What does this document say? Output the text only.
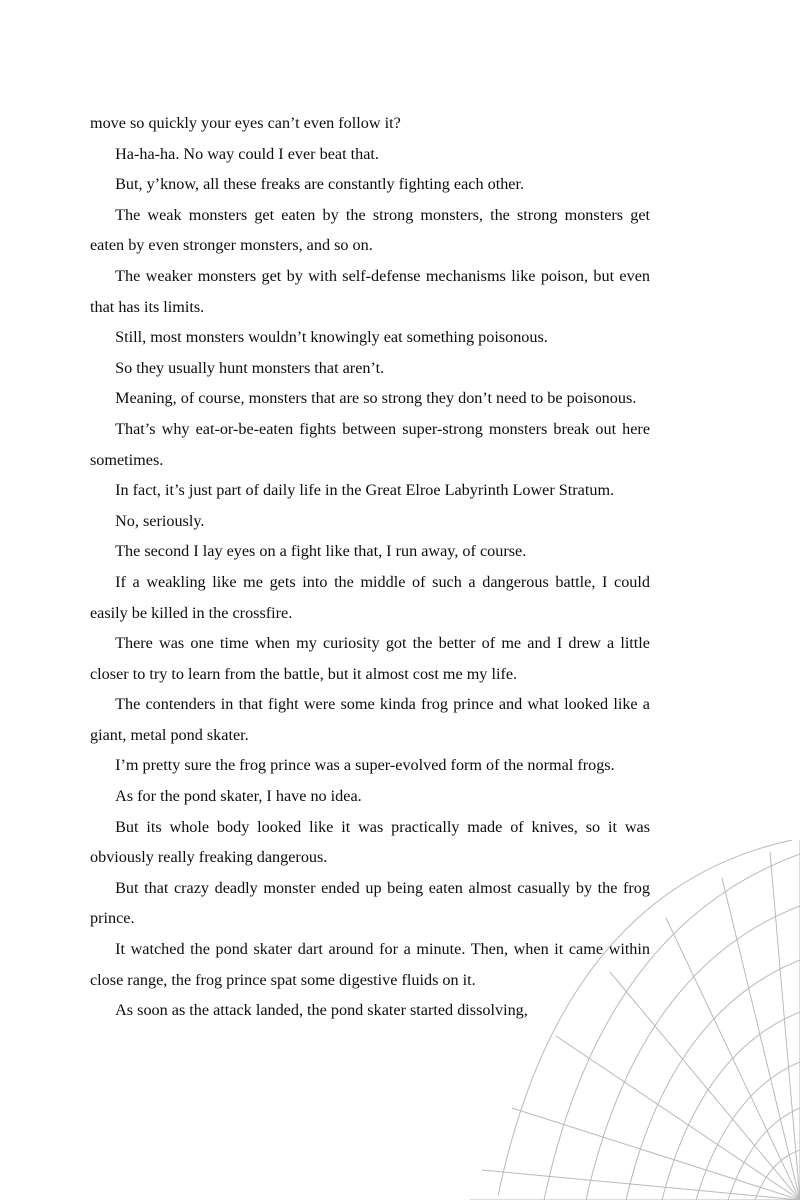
move so quickly your eyes can’t even follow it?

Ha-ha-ha. No way could I ever beat that.

But, y’know, all these freaks are constantly fighting each other.

The weak monsters get eaten by the strong monsters, the strong monsters get eaten by even stronger monsters, and so on.

The weaker monsters get by with self-defense mechanisms like poison, but even that has its limits.

Still, most monsters wouldn’t knowingly eat something poisonous.

So they usually hunt monsters that aren’t.

Meaning, of course, monsters that are so strong they don’t need to be poisonous.

That’s why eat-or-be-eaten fights between super-strong monsters break out here sometimes.

In fact, it’s just part of daily life in the Great Elroe Labyrinth Lower Stratum.

No, seriously.

The second I lay eyes on a fight like that, I run away, of course.

If a weakling like me gets into the middle of such a dangerous battle, I could easily be killed in the crossfire.

There was one time when my curiosity got the better of me and I drew a little closer to try to learn from the battle, but it almost cost me my life.

The contenders in that fight were some kinda frog prince and what looked like a giant, metal pond skater.

I’m pretty sure the frog prince was a super-evolved form of the normal frogs.

As for the pond skater, I have no idea.

But its whole body looked like it was practically made of knives, so it was obviously really freaking dangerous.

But that crazy deadly monster ended up being eaten almost casually by the frog prince.

It watched the pond skater dart around for a minute. Then, when it came within close range, the frog prince spat some digestive fluids on it.

As soon as the attack landed, the pond skater started dissolving,
